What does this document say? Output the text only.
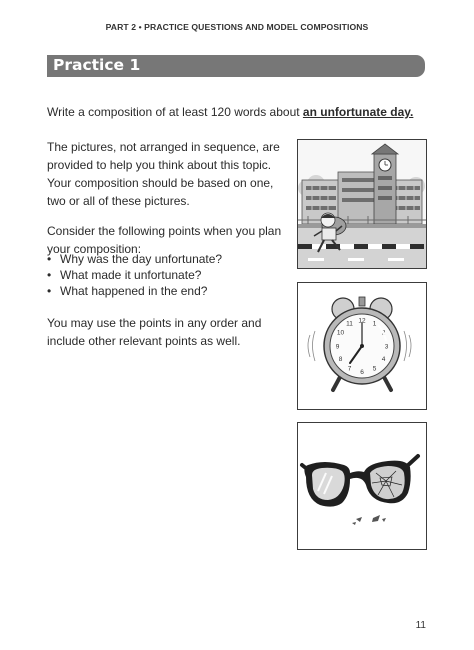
PART 2 • PRACTICE QUESTIONS AND MODEL COMPOSITIONS
Practice 1
Write a composition of at least 120 words about an unfortunate day.
The pictures, not arranged in sequence, are provided to help you think about this topic. Your composition should be based on one, two or all of these pictures.
Consider the following points when you plan your composition:
• Why was the day unfortunate?
• What made it unfortunate?
• What happened in the end?
You may use the points in any order and include other relevant points as well.
12 1
2
3
4
5
6
7
8
9
10
11
11
